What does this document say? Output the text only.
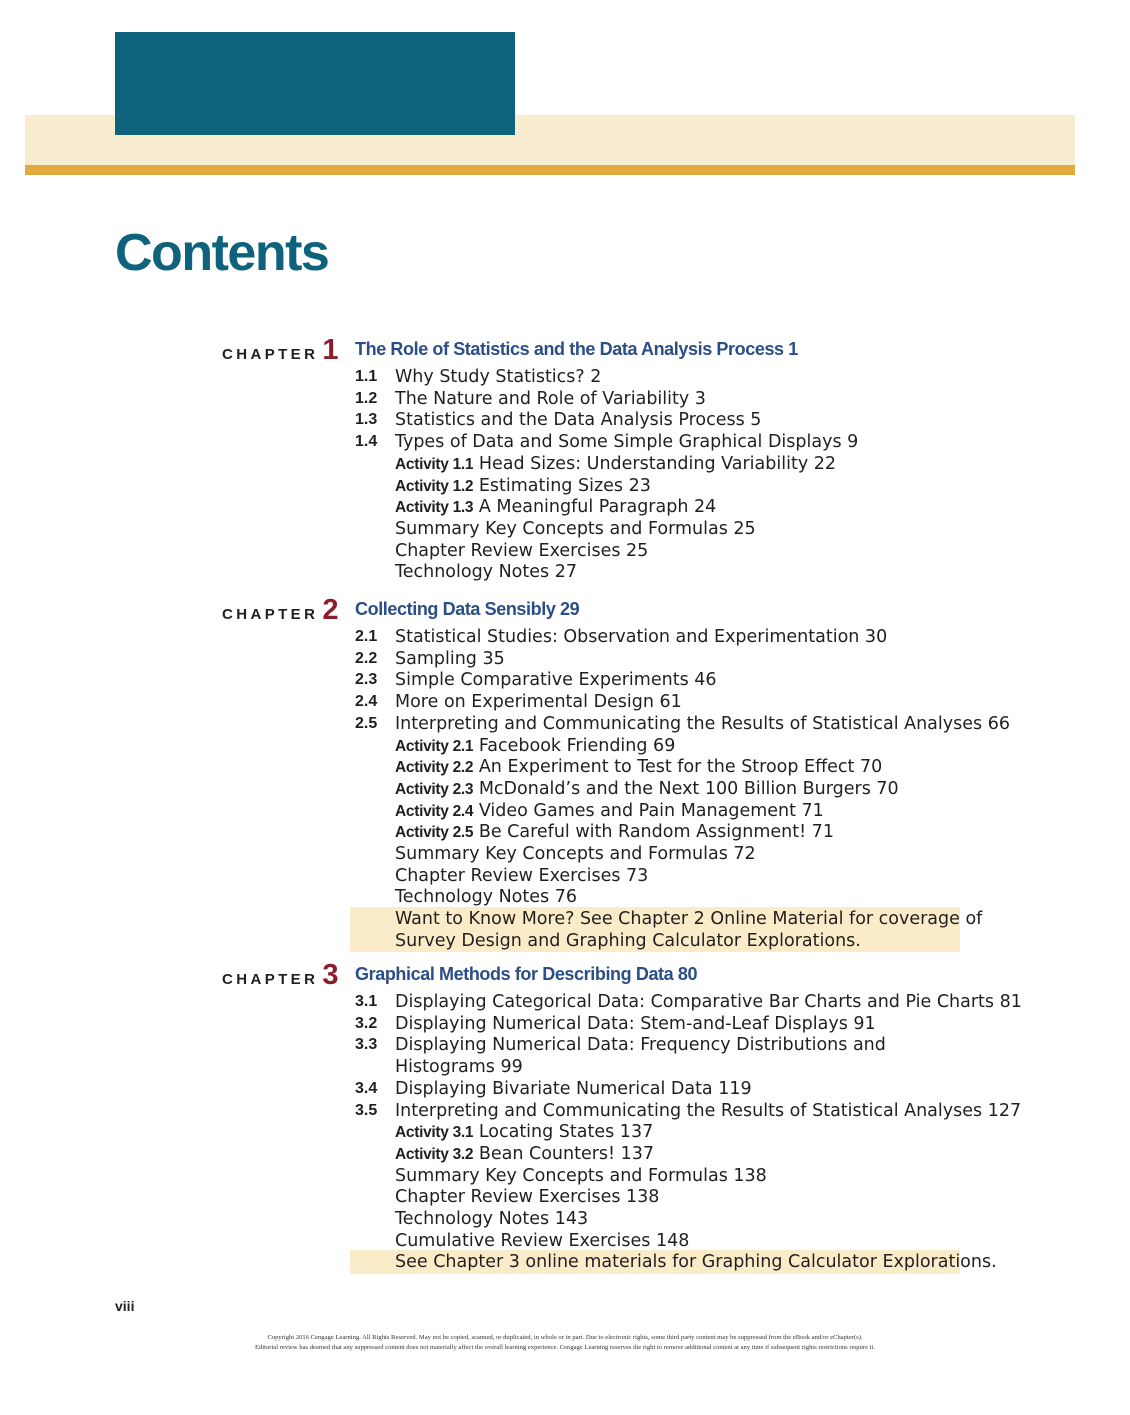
Contents
CHAPTER 1 The Role of Statistics and the Data Analysis Process 1
1.1 Why Study Statistics? 2
1.2 The Nature and Role of Variability 3
1.3 Statistics and the Data Analysis Process 5
1.4 Types of Data and Some Simple Graphical Displays 9
Activity 1.1 Head Sizes: Understanding Variability 22
Activity 1.2 Estimating Sizes 23
Activity 1.3 A Meaningful Paragraph 24
Summary Key Concepts and Formulas 25
Chapter Review Exercises 25
Technology Notes 27
CHAPTER 2 Collecting Data Sensibly 29
2.1 Statistical Studies: Observation and Experimentation 30
2.2 Sampling 35
2.3 Simple Comparative Experiments 46
2.4 More on Experimental Design 61
2.5 Interpreting and Communicating the Results of Statistical Analyses 66
Activity 2.1 Facebook Friending 69
Activity 2.2 An Experiment to Test for the Stroop Effect 70
Activity 2.3 McDonald’s and the Next 100 Billion Burgers 70
Activity 2.4 Video Games and Pain Management 71
Activity 2.5 Be Careful with Random Assignment! 71
Summary Key Concepts and Formulas 72
Chapter Review Exercises 73
Technology Notes 76
Want to Know More? See Chapter 2 Online Material for coverage of
Survey Design and Graphing Calculator Explorations.
CHAPTER 3 Graphical Methods for Describing Data 80
3.1 Displaying Categorical Data: Comparative Bar Charts and Pie Charts 81
3.2 Displaying Numerical Data: Stem-and-Leaf Displays 91
3.3 Displaying Numerical Data: Frequency Distributions and
Histograms 99
3.4 Displaying Bivariate Numerical Data 119
3.5 Interpreting and Communicating the Results of Statistical Analyses 127
Activity 3.1 Locating States 137
Activity 3.2 Bean Counters! 137
Summary Key Concepts and Formulas 138
Chapter Review Exercises 138
Technology Notes 143
Cumulative Review Exercises 148
See Chapter 3 online materials for Graphing Calculator Explorations.
viii
Copyright 2016 Cengage Learning. All Rights Reserved. May not be copied, scanned, or duplicated, in whole or in part. Due to electronic rights, some third party content may be suppressed from the eBook and/or eChapter(s).
Editorial review has deemed that any suppressed content does not materially affect the overall learning experience. Cengage Learning reserves the right to remove additional content at any time if subsequent rights restrictions require it.
